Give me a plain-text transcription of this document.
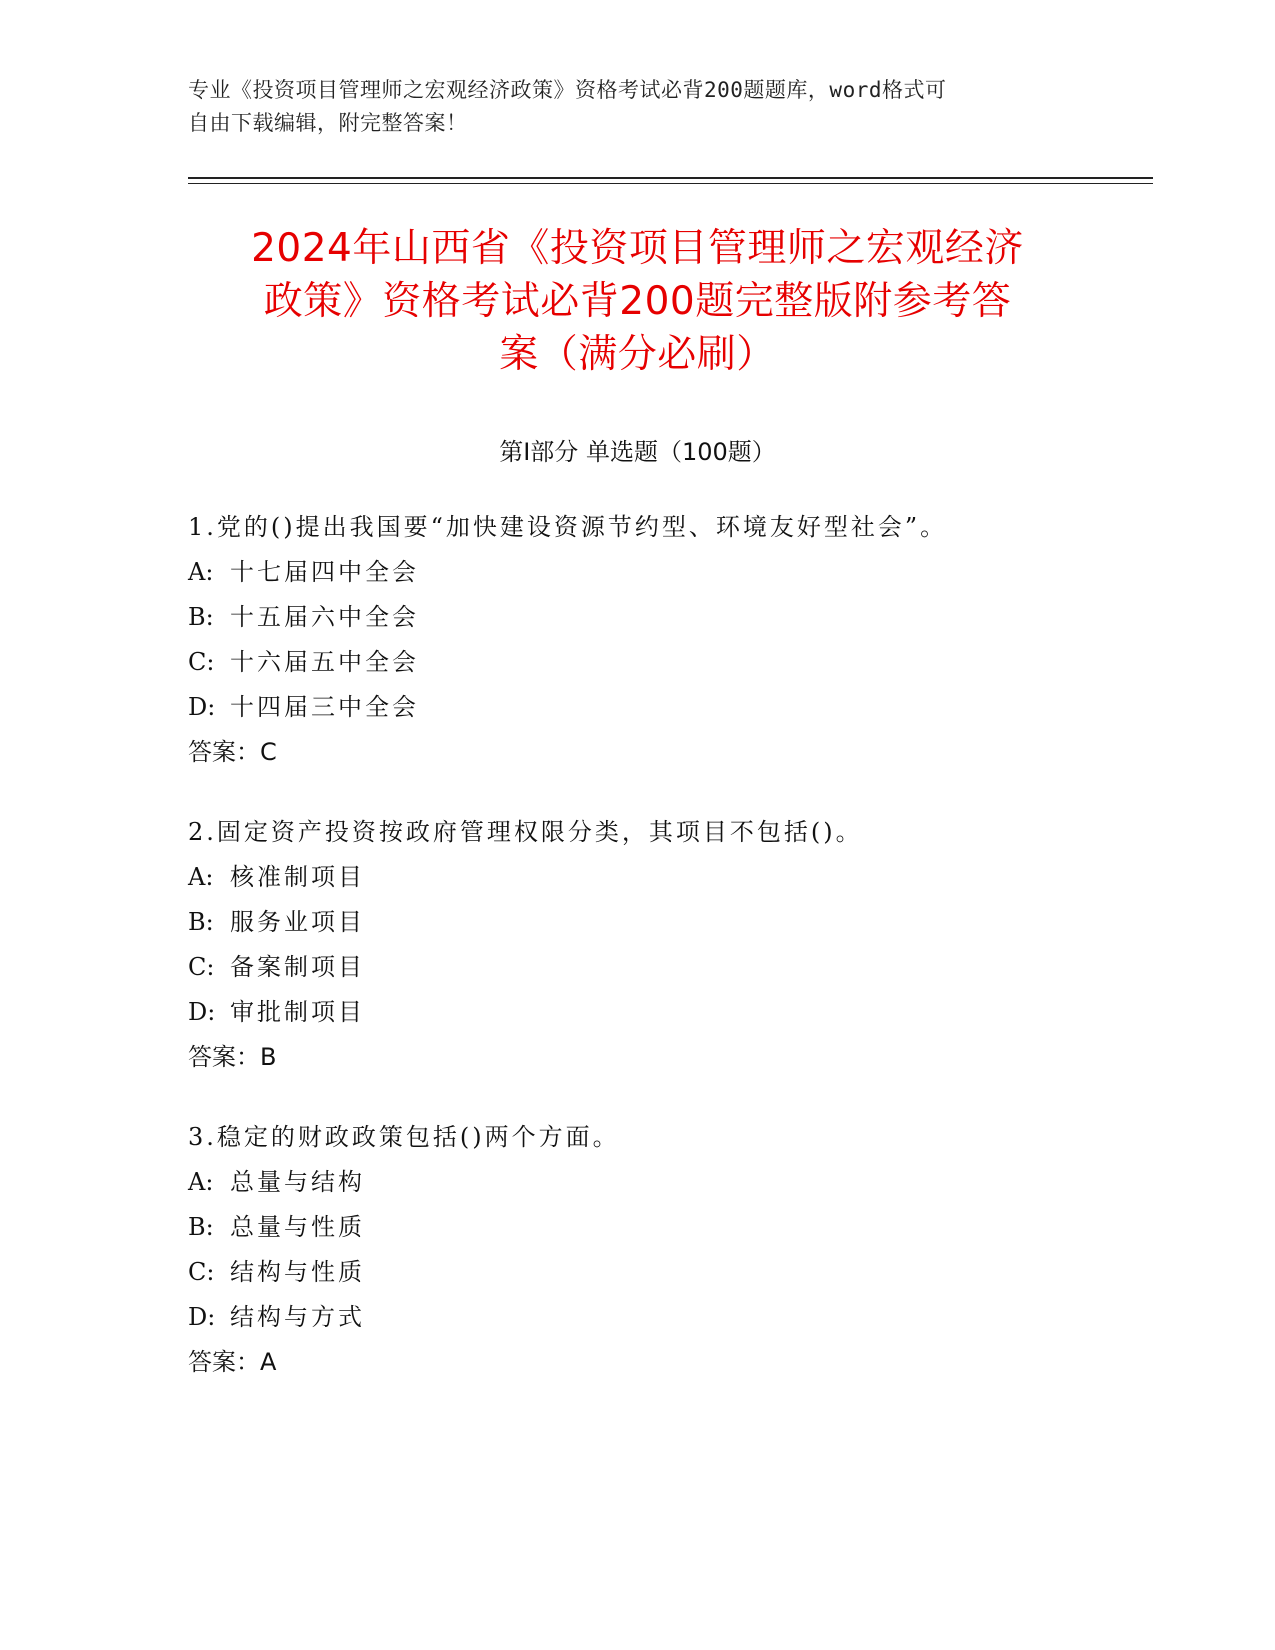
专业《投资项目管理师之宏观经济政策》资格考试必背200题题库，word格式可
自由下载编辑，附完整答案！
2024年山西省《投资项目管理师之宏观经济
政策》资格考试必背200题完整版附参考答
案（满分必刷）
第I部分 单选题（100题）
1.党的()提出我国要“加快建设资源节约型、环境友好型社会”。
A: 十七届四中全会
B: 十五届六中全会
C: 十六届五中全会
D: 十四届三中全会
答案：C
2.固定资产投资按政府管理权限分类，其项目不包括()。
A: 核准制项目
B: 服务业项目
C: 备案制项目
D: 审批制项目
答案：B
3.稳定的财政政策包括()两个方面。
A: 总量与结构
B: 总量与性质
C: 结构与性质
D: 结构与方式
答案：A
